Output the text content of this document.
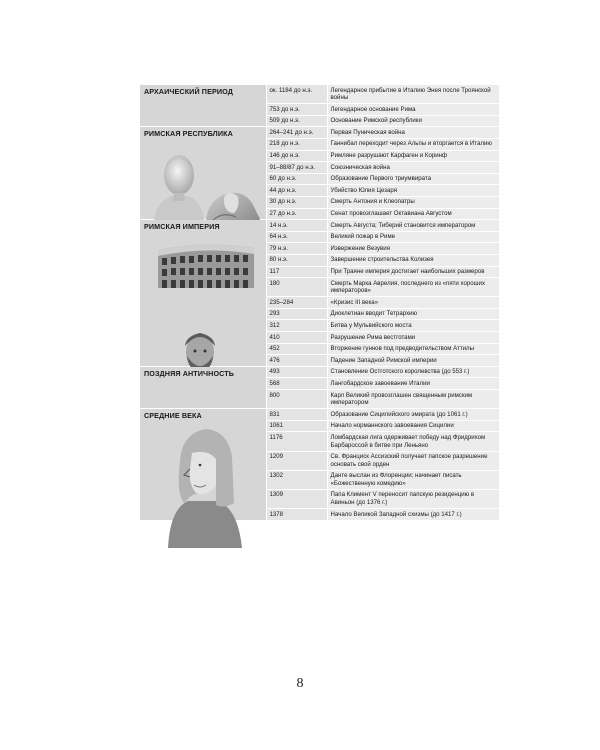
АРХАИЧЕСКИЙ ПЕРИОД	ок. 1184 до н.э.	Легендарное прибытие в Италию Энея после Троянской войны
	753 до н.э.	Легендарное основание Рима
	509 до н.э.	Основание Римской республики

РИМСКАЯ РЕСПУБЛИКА	264–241 до н.э.	Первая Пуническая война
	218 до н.э.	Ганнибал переходит через Альпы и вторгается в Италию
	146 до н.э.	Римляне разрушают Карфаген и Коринф
	91–88/87 до н.э.	Союзническая война
	60 до н.э.	Образование Первого триумвирата
	44 до н.э.	Убийство Юлия Цезаря
	30 до н.э.	Смерть Антония и Клеопатры
	27 до н.э.	Сенат провозглашает Октавиана Августом

РИМСКАЯ ИМПЕРИЯ	14 н.э.	Смерть Августа; Тиберий становится императором
	64 н.э.	Великий пожар в Риме
	79 н.э.	Извержение Везувия
	80 н.э.	Завершение строительства Колизея
	117	При Траяне империя достигает наибольших размеров
	180	Смерть Марка Аврелия, последнего из «пяти хороших императоров»
	235–284	«Кризис III века»
	293	Диоклетиан вводит Тетрархию
	312	Битва у Мульвийского моста
	410	Разрушение Рима вестготами
	452	Вторжение гуннов под предводительством Аттилы
	476	Падение Западной Римской империи

ПОЗДНЯЯ АНТИЧНОСТЬ	493	Становление Остготского королевства (до 553 г.)
	568	Лангобардское завоевание Италии
	800	Карл Великий провозглашен священным римским императором

СРЕДНИЕ ВЕКА	831	Образование Сицилийского эмирата (до 1061 г.)
	1061	Начало норманнского завоевания Сицилии
	1176	Ломбардская лига одерживает победу над Фридрихом Барбароссой в битве при Леньяно
	1209	Св. Франциск Ассизский получает папское разрешение основать свой орден
	1302	Данте выслан из Флоренции; начинает писать «Божественную комедию»
	1309	Папа Климент V переносит папскую резиденцию в Авиньон (до 1376 г.)
	1378	Начало Великой Западной схизмы (до 1417 г.)
8
